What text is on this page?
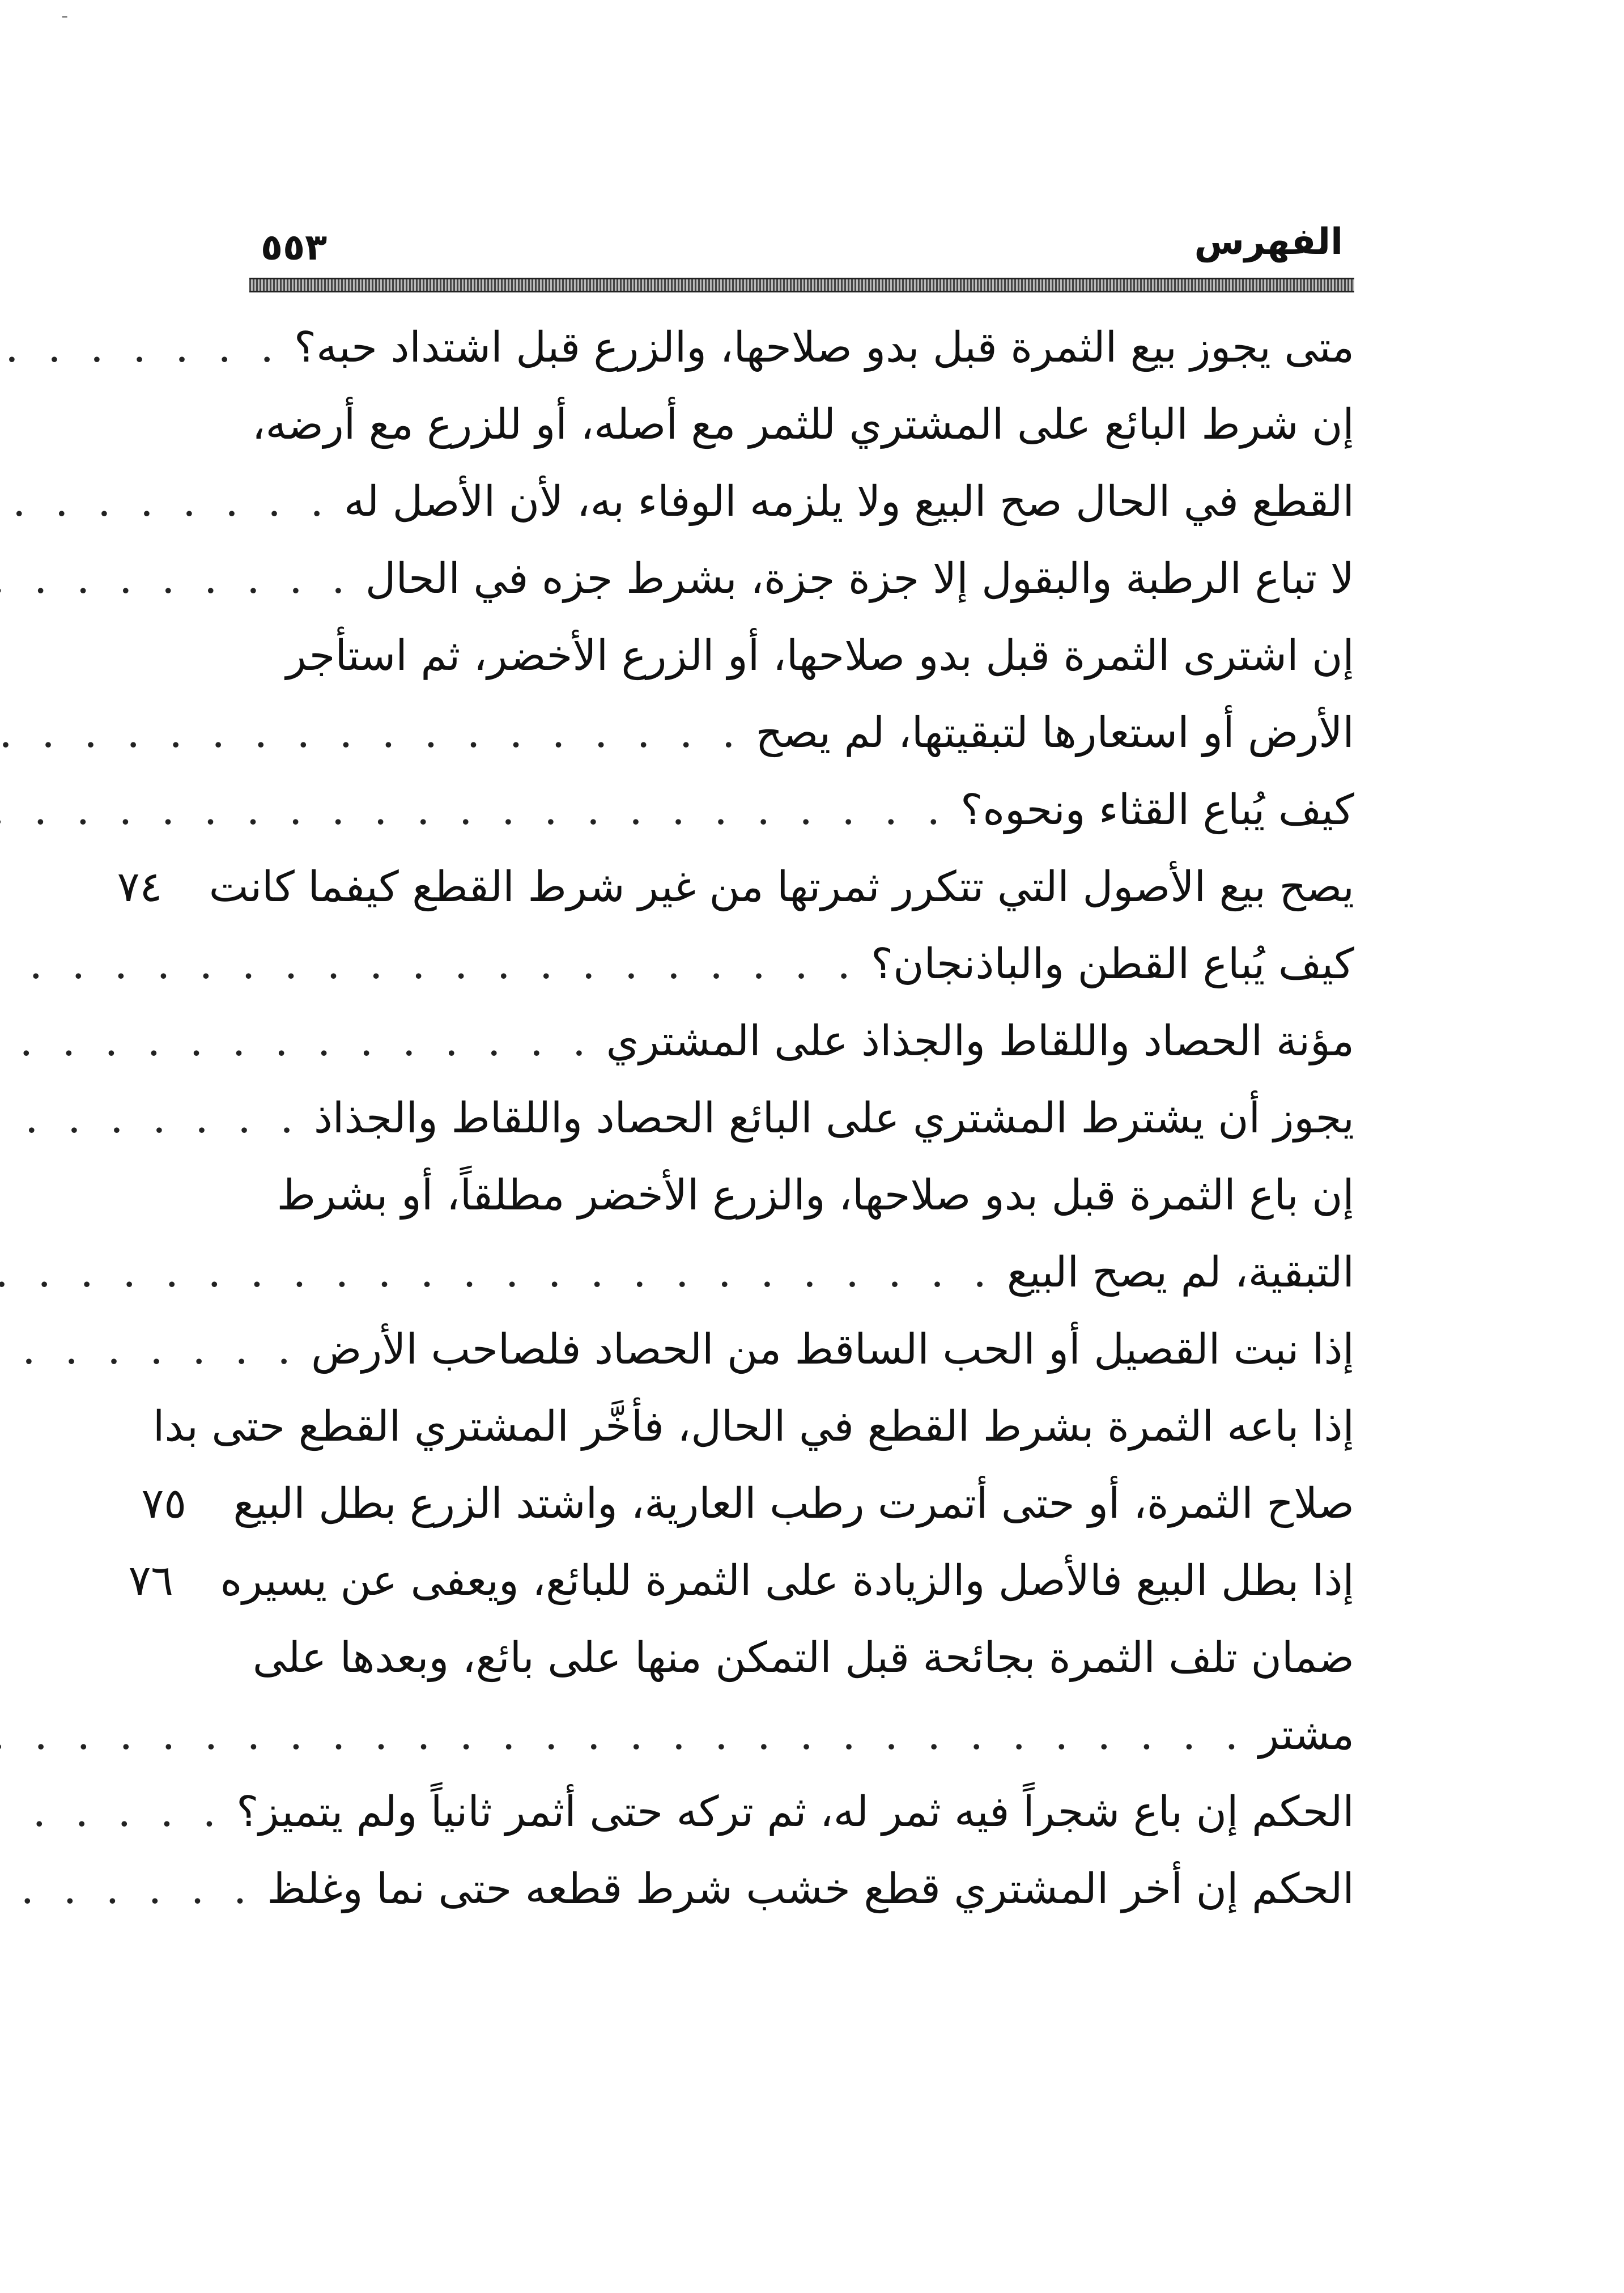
-
٥٥٣	الفهرس
متى يجوز بيع الثمرة قبل بدو صلاحها، والزرع قبل اشتداد حبه؟
. . .
إن شرط البائع على المشتري للثمر مع أصله، أو للزرع مع أرضه،
القطع في الحال صح البيع ولا يلزمه الوفاء به، لأن الأصل له
. . .
لا تباع الرطبة والبقول إلا جزة جزة، بشرط جزه في الحال
. . .
إن اشترى الثمرة قبل بدو صلاحها، أو الزرع الأخضر، ثم استأجر
الأرض أو استعارها لتبقيتها، لم يصح
. . .
كيف يُباع القثاء ونحوه؟
. . .
يصح بيع الأصول التي تتكرر ثمرتها من غير شرط القطع كيفما كانت
٧٤
كيف يُباع القطن والباذنجان؟
. . .
مؤنة الحصاد واللقاط والجذاذ على المشتري
. . .
يجوز أن يشترط المشتري على البائع الحصاد واللقاط والجذاذ
. . .
إن باع الثمرة قبل بدو صلاحها، والزرع الأخضر مطلقاً، أو بشرط
التبقية، لم يصح البيع
. . .
إذا نبت القصيل أو الحب الساقط من الحصاد فلصاحب الأرض
. . .
إذا باعه الثمرة بشرط القطع في الحال، فأخَّر المشتري القطع حتى بدا
صلاح الثمرة، أو حتى أتمرت رطب العارية، واشتد الزرع بطل البيع
٧٥
إذا بطل البيع فالأصل والزيادة على الثمرة للبائع، ويعفى عن يسيره
٧٦
ضمان تلف الثمرة بجائحة قبل التمكن منها على بائع، وبعدها على
مشتر
. . .
الحكم إن باع شجراً فيه ثمر له، ثم تركه حتى أثمر ثانياً ولم يتميز؟
. . .
الحكم إن أخر المشتري قطع خشب شرط قطعه حتى نما وغلظ
. . .
